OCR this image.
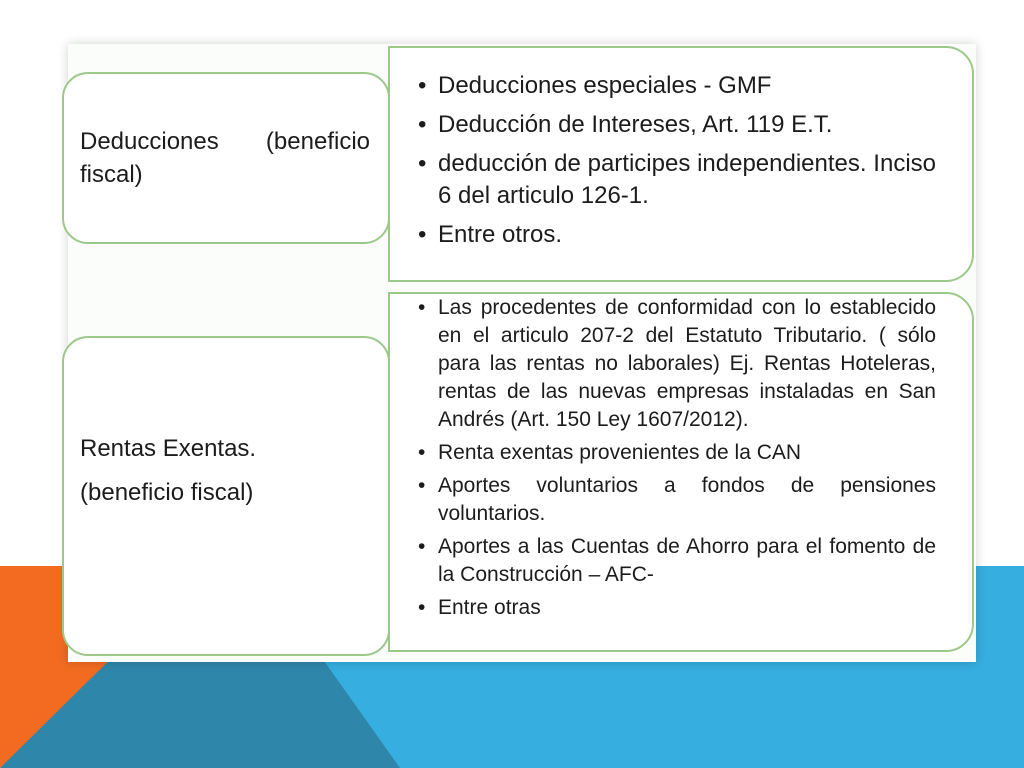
Deducciones (beneficio fiscal)
• Deducciones especiales - GMF
• Deducción de Intereses, Art. 119 E.T.
• deducción de participes independientes. Inciso 6 del articulo 126-1.
• Entre otros.
Rentas Exentas.
(beneficio fiscal)
• Las procedentes de conformidad con lo establecido en el articulo 207-2 del Estatuto Tributario. ( sólo para las rentas no laborales) Ej. Rentas Hoteleras, rentas de las nuevas empresas instaladas en San Andrés (Art. 150 Ley 1607/2012).
• Renta exentas provenientes de la CAN
• Aportes voluntarios a fondos de pensiones voluntarios.
• Aportes a las Cuentas de Ahorro para el fomento de la Construcción – AFC-
• Entre otras
